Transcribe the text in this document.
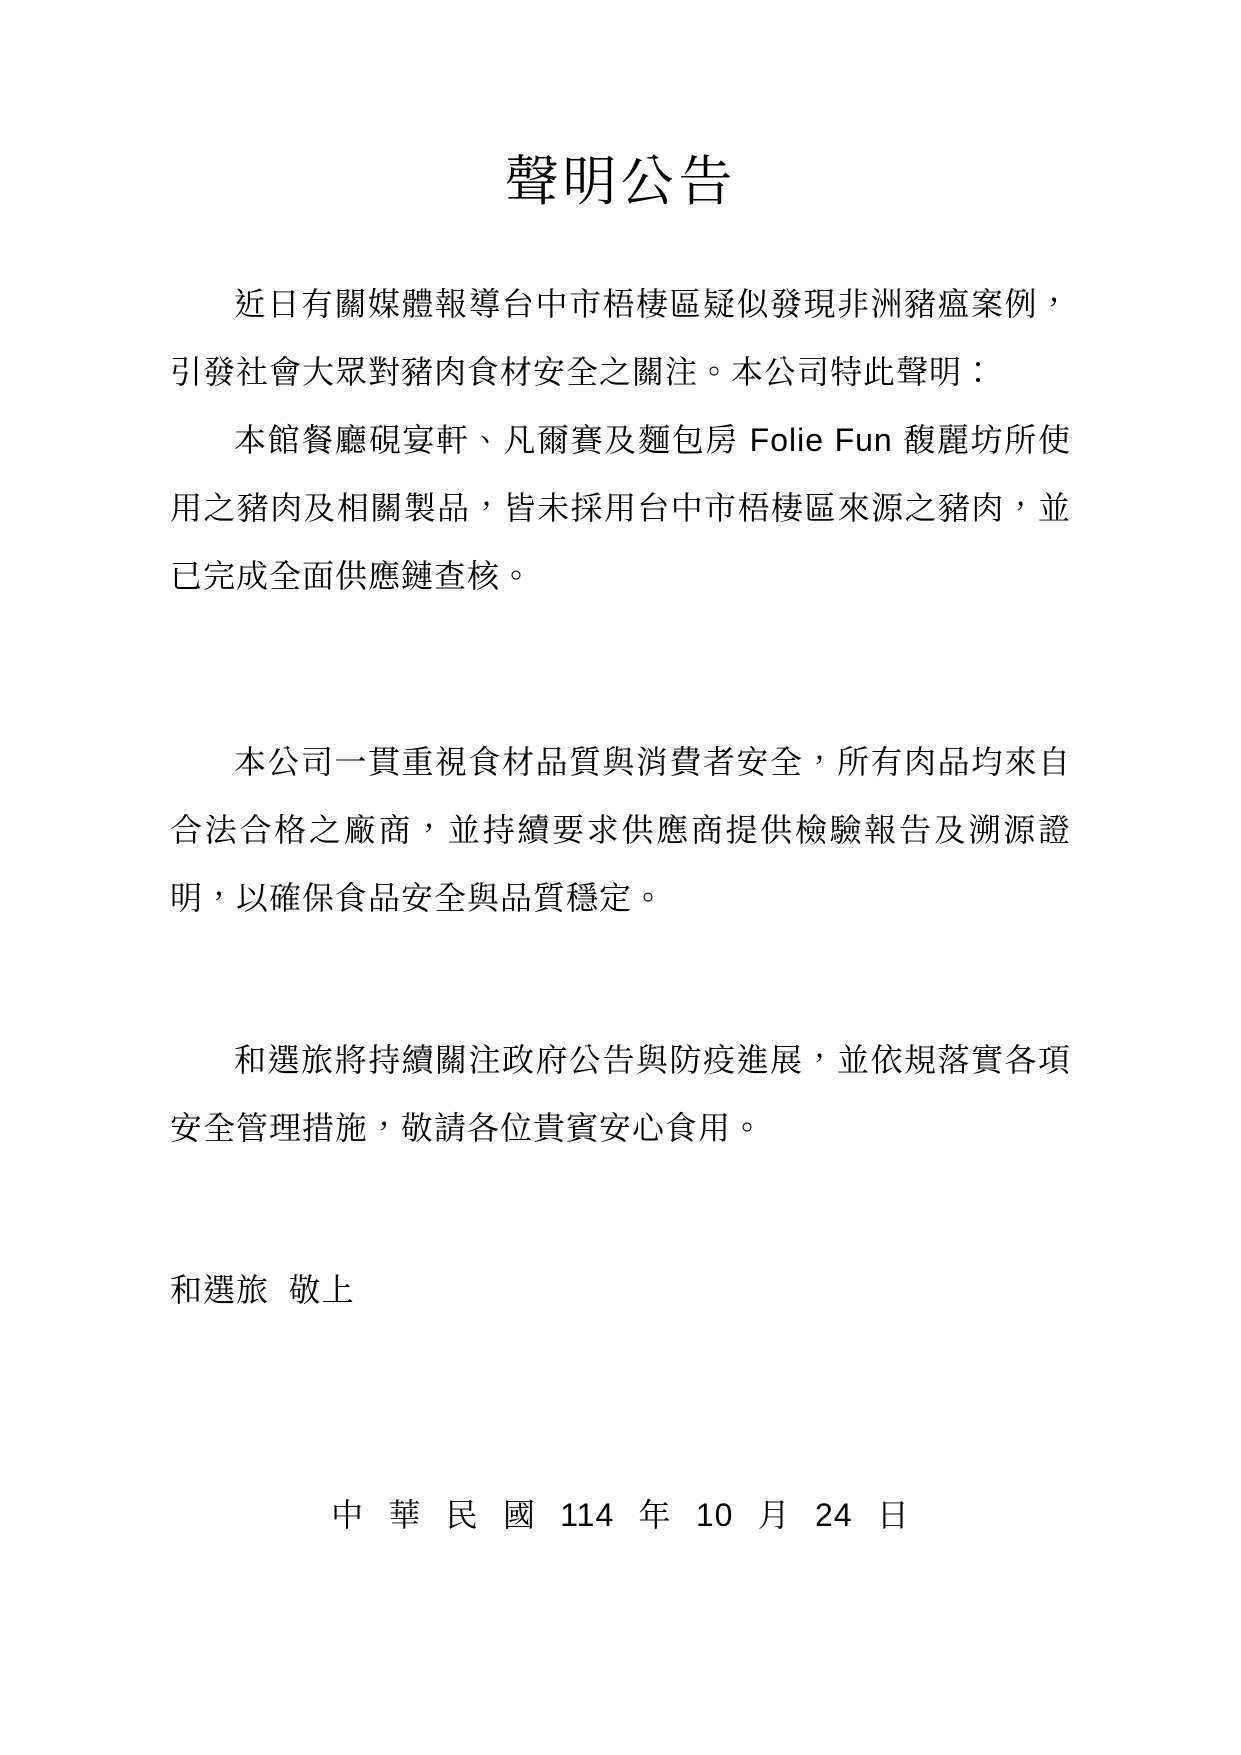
聲明公告

近日有關媒體報導台中市梧棲區疑似發現非洲豬瘟案例，引發社會大眾對豬肉食材安全之關注。本公司特此聲明：

本館餐廳硯宴軒、凡爾賽及麵包房 Folie Fun 馥麗坊所使用之豬肉及相關製品，皆未採用台中市梧棲區來源之豬肉，並已完成全面供應鏈查核。

本公司一貫重視食材品質與消費者安全，所有肉品均來自合法合格之廠商，並持續要求供應商提供檢驗報告及溯源證明，以確保食品安全與品質穩定。

和選旅將持續關注政府公告與防疫進展，並依規落實各項安全管理措施，敬請各位貴賓安心食用。

和選旅  敬上
中 華 民 國 114 年 10 月 24 日
